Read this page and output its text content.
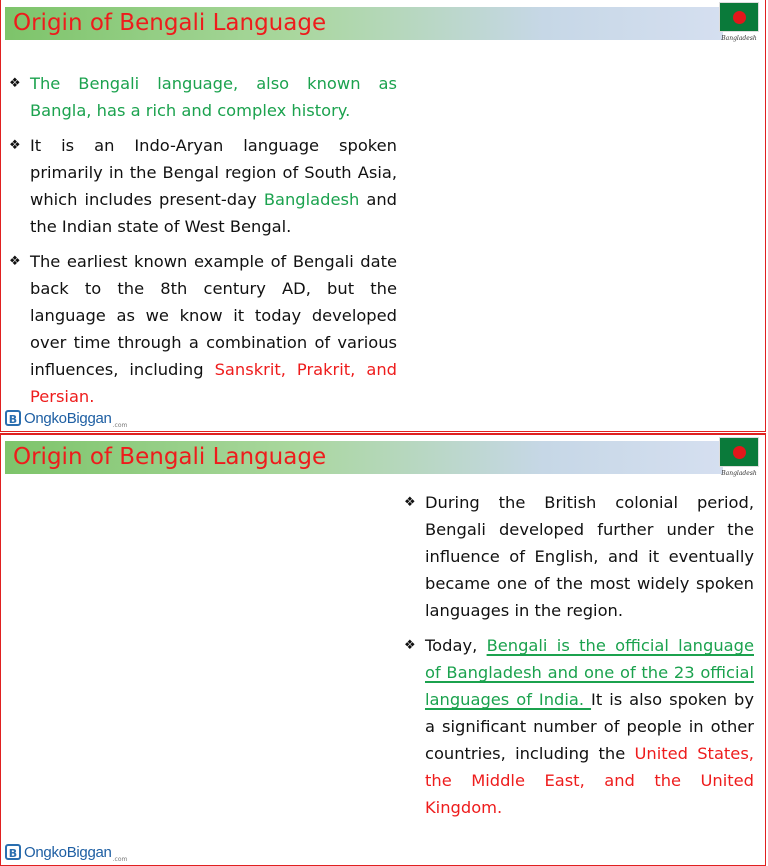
Origin of Bengali Language
Bangladesh
❖ The Bengali language, also known as Bangla, has a rich and complex history.
❖ It is an Indo-Aryan language spoken primarily in the Bengal region of South Asia, which includes present-day Bangladesh and the Indian state of West Bengal.
❖ The earliest known example of Bengali date back to the 8th century AD, but the language as we know it today developed over time through a combination of various influences, including Sanskrit, Prakrit, and Persian.
B OngkoBiggan .com
Origin of Bengali Language
Bangladesh
❖ During the British colonial period, Bengali developed further under the influence of English, and it eventually became one of the most widely spoken languages in the region.
❖ Today, Bengali is the official language of Bangladesh and one of the 23 official languages of India. It is also spoken by a significant number of people in other countries, including the United States, the Middle East, and the United Kingdom.
B OngkoBiggan .com
